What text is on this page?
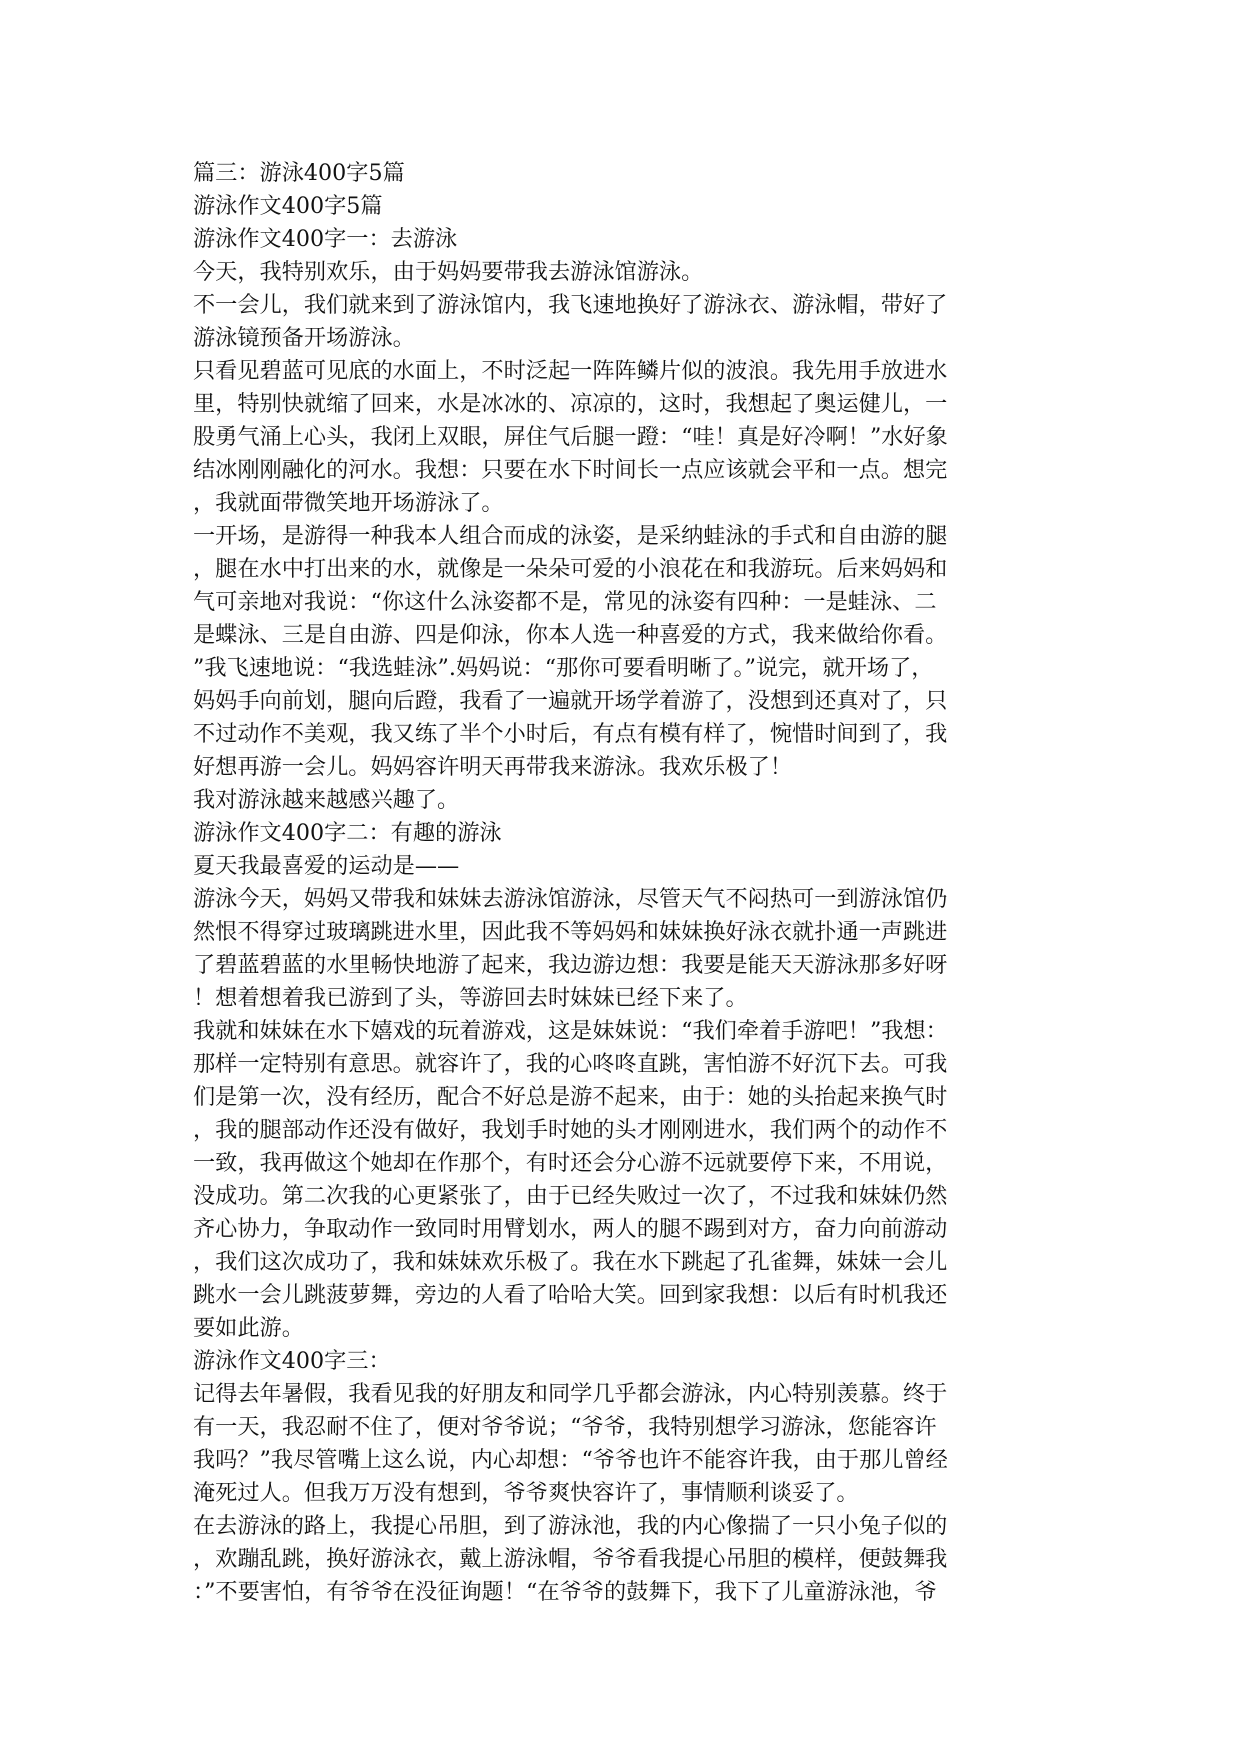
篇三：游泳400字5篇
游泳作文400字5篇
游泳作文400字一：去游泳
今天，我特别欢乐，由于妈妈要带我去游泳馆游泳。
不一会儿，我们就来到了游泳馆内，我飞速地换好了游泳衣、游泳帽，带好了
游泳镜预备开场游泳。
只看见碧蓝可见底的水面上，不时泛起一阵阵鳞片似的波浪。我先用手放进水
里，特别快就缩了回来，水是冰冰的、凉凉的，这时，我想起了奥运健儿，一
股勇气涌上心头，我闭上双眼，屏住气后腿一蹬：“哇！真是好冷啊！”水好象
结冰刚刚融化的河水。我想：只要在水下时间长一点应该就会平和一点。想完
，我就面带微笑地开场游泳了。
一开场，是游得一种我本人组合而成的泳姿，是采纳蛙泳的手式和自由游的腿
，腿在水中打出来的水，就像是一朵朵可爱的小浪花在和我游玩。后来妈妈和
气可亲地对我说：“你这什么泳姿都不是，常见的泳姿有四种：一是蛙泳、二
是蝶泳、三是自由游、四是仰泳，你本人选一种喜爱的方式，我来做给你看。
”我飞速地说：“我选蛙泳”.妈妈说：“那你可要看明晰了。”说完，就开场了，
妈妈手向前划，腿向后蹬，我看了一遍就开场学着游了，没想到还真对了，只
不过动作不美观，我又练了半个小时后，有点有模有样了，惋惜时间到了，我
好想再游一会儿。妈妈容许明天再带我来游泳。我欢乐极了！
我对游泳越来越感兴趣了。
游泳作文400字二：有趣的游泳
夏天我最喜爱的运动是——
游泳今天，妈妈又带我和妹妹去游泳馆游泳，尽管天气不闷热可一到游泳馆仍
然恨不得穿过玻璃跳进水里，因此我不等妈妈和妹妹换好泳衣就扑通一声跳进
了碧蓝碧蓝的水里畅快地游了起来，我边游边想：我要是能天天游泳那多好呀
！想着想着我已游到了头，等游回去时妹妹已经下来了。
我就和妹妹在水下嬉戏的玩着游戏，这是妹妹说：“我们牵着手游吧！”我想：
那样一定特别有意思。就容许了，我的心咚咚直跳，害怕游不好沉下去。可我
们是第一次，没有经历，配合不好总是游不起来，由于：她的头抬起来换气时
，我的腿部动作还没有做好，我划手时她的头才刚刚进水，我们两个的动作不
一致，我再做这个她却在作那个，有时还会分心游不远就要停下来，不用说，
没成功。第二次我的心更紧张了，由于已经失败过一次了，不过我和妹妹仍然
齐心协力，争取动作一致同时用臂划水，两人的腿不踢到对方，奋力向前游动
，我们这次成功了，我和妹妹欢乐极了。我在水下跳起了孔雀舞，妹妹一会儿
跳水一会儿跳菠萝舞，旁边的人看了哈哈大笑。回到家我想：以后有时机我还
要如此游。
游泳作文400字三：
记得去年暑假，我看见我的好朋友和同学几乎都会游泳，内心特别羡慕。终于
有一天，我忍耐不住了，便对爷爷说；“爷爷，我特别想学习游泳，您能容许
我吗？”我尽管嘴上这么说，内心却想：“爷爷也许不能容许我，由于那儿曾经
淹死过人。但我万万没有想到，爷爷爽快容许了，事情顺利谈妥了。
在去游泳的路上，我提心吊胆，到了游泳池，我的内心像揣了一只小兔子似的
，欢蹦乱跳，换好游泳衣，戴上游泳帽，爷爷看我提心吊胆的模样，便鼓舞我
：”不要害怕，有爷爷在没征询题！“在爷爷的鼓舞下，我下了儿童游泳池，爷
